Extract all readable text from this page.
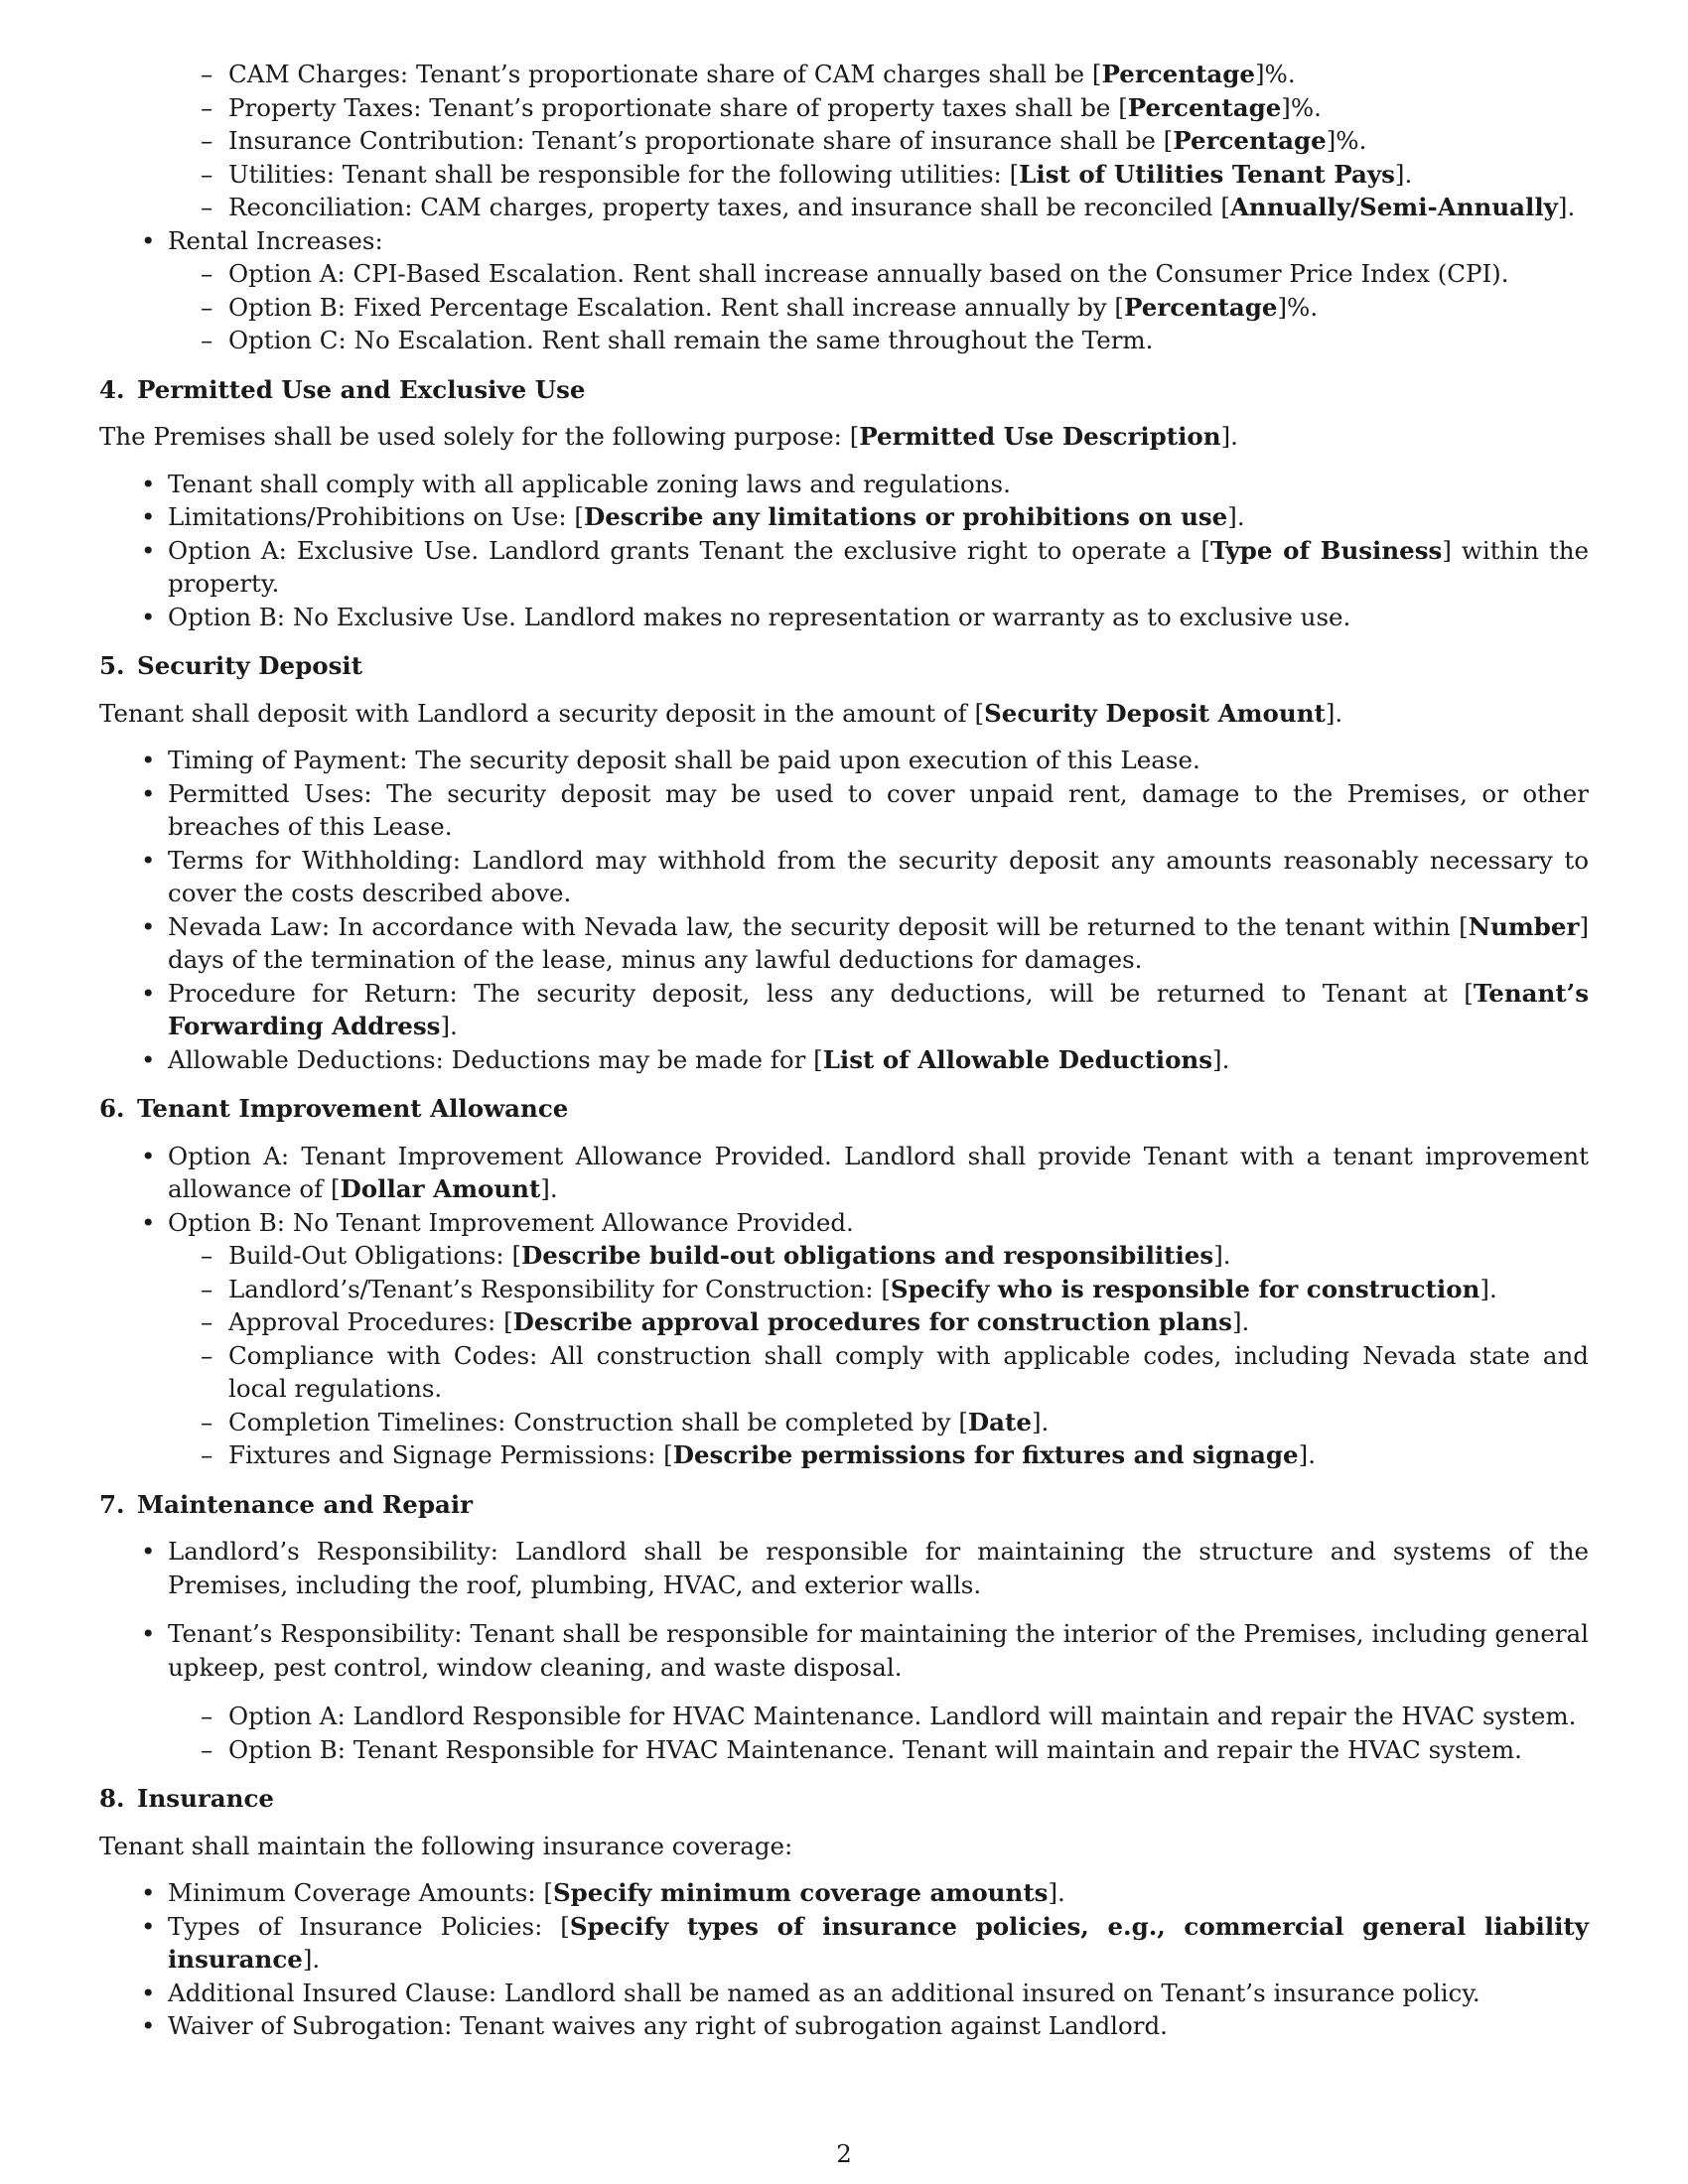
– CAM Charges: Tenant’s proportionate share of CAM charges shall be [Percentage]%.
– Property Taxes: Tenant’s proportionate share of property taxes shall be [Percentage]%.
– Insurance Contribution: Tenant’s proportionate share of insurance shall be [Percentage]%.
– Utilities: Tenant shall be responsible for the following utilities: [List of Utilities Tenant Pays].
– Reconciliation: CAM charges, property taxes, and insurance shall be reconciled [Annually/Semi-Annually].
• Rental Increases:
– Option A: CPI-Based Escalation. Rent shall increase annually based on the Consumer Price Index (CPI).
– Option B: Fixed Percentage Escalation. Rent shall increase annually by [Percentage]%.
– Option C: No Escalation. Rent shall remain the same throughout the Term.
4. Permitted Use and Exclusive Use

The Premises shall be used solely for the following purpose: [Permitted Use Description].

• Tenant shall comply with all applicable zoning laws and regulations.
• Limitations/Prohibitions on Use: [Describe any limitations or prohibitions on use].
• Option A: Exclusive Use. Landlord grants Tenant the exclusive right to operate a [Type of Business] within the property.
• Option B: No Exclusive Use. Landlord makes no representation or warranty as to exclusive use.
5. Security Deposit

Tenant shall deposit with Landlord a security deposit in the amount of [Security Deposit Amount].

• Timing of Payment: The security deposit shall be paid upon execution of this Lease.
• Permitted Uses: The security deposit may be used to cover unpaid rent, damage to the Premises, or other breaches of this Lease.
• Terms for Withholding: Landlord may withhold from the security deposit any amounts reasonably necessary to cover the costs described above.
• Nevada Law: In accordance with Nevada law, the security deposit will be returned to the tenant within [Number] days of the termination of the lease, minus any lawful deductions for damages.
• Procedure for Return: The security deposit, less any deductions, will be returned to Tenant at [Tenant’s Forwarding Address].
• Allowable Deductions: Deductions may be made for [List of Allowable Deductions].
6. Tenant Improvement Allowance
• Option A: Tenant Improvement Allowance Provided. Landlord shall provide Tenant with a tenant improvement allowance of [Dollar Amount].
• Option B: No Tenant Improvement Allowance Provided.
– Build-Out Obligations: [Describe build-out obligations and responsibilities].
– Landlord’s/Tenant’s Responsibility for Construction: [Specify who is responsible for construction].
– Approval Procedures: [Describe approval procedures for construction plans].
– Compliance with Codes: All construction shall comply with applicable codes, including Nevada state and local regulations.
– Completion Timelines: Construction shall be completed by [Date].
– Fixtures and Signage Permissions: [Describe permissions for fixtures and signage].
7. Maintenance and Repair
• Landlord’s Responsibility: Landlord shall be responsible for maintaining the structure and systems of the Premises, including the roof, plumbing, HVAC, and exterior walls.
• Tenant’s Responsibility: Tenant shall be responsible for maintaining the interior of the Premises, including general upkeep, pest control, window cleaning, and waste disposal.
– Option A: Landlord Responsible for HVAC Maintenance. Landlord will maintain and repair the HVAC system.
– Option B: Tenant Responsible for HVAC Maintenance. Tenant will maintain and repair the HVAC system.
8. Insurance

Tenant shall maintain the following insurance coverage:

• Minimum Coverage Amounts: [Specify minimum coverage amounts].
• Types of Insurance Policies: [Specify types of insurance policies, e.g., commercial general liability insurance].
• Additional Insured Clause: Landlord shall be named as an additional insured on Tenant’s insurance policy.
• Waiver of Subrogation: Tenant waives any right of subrogation against Landlord.
2
